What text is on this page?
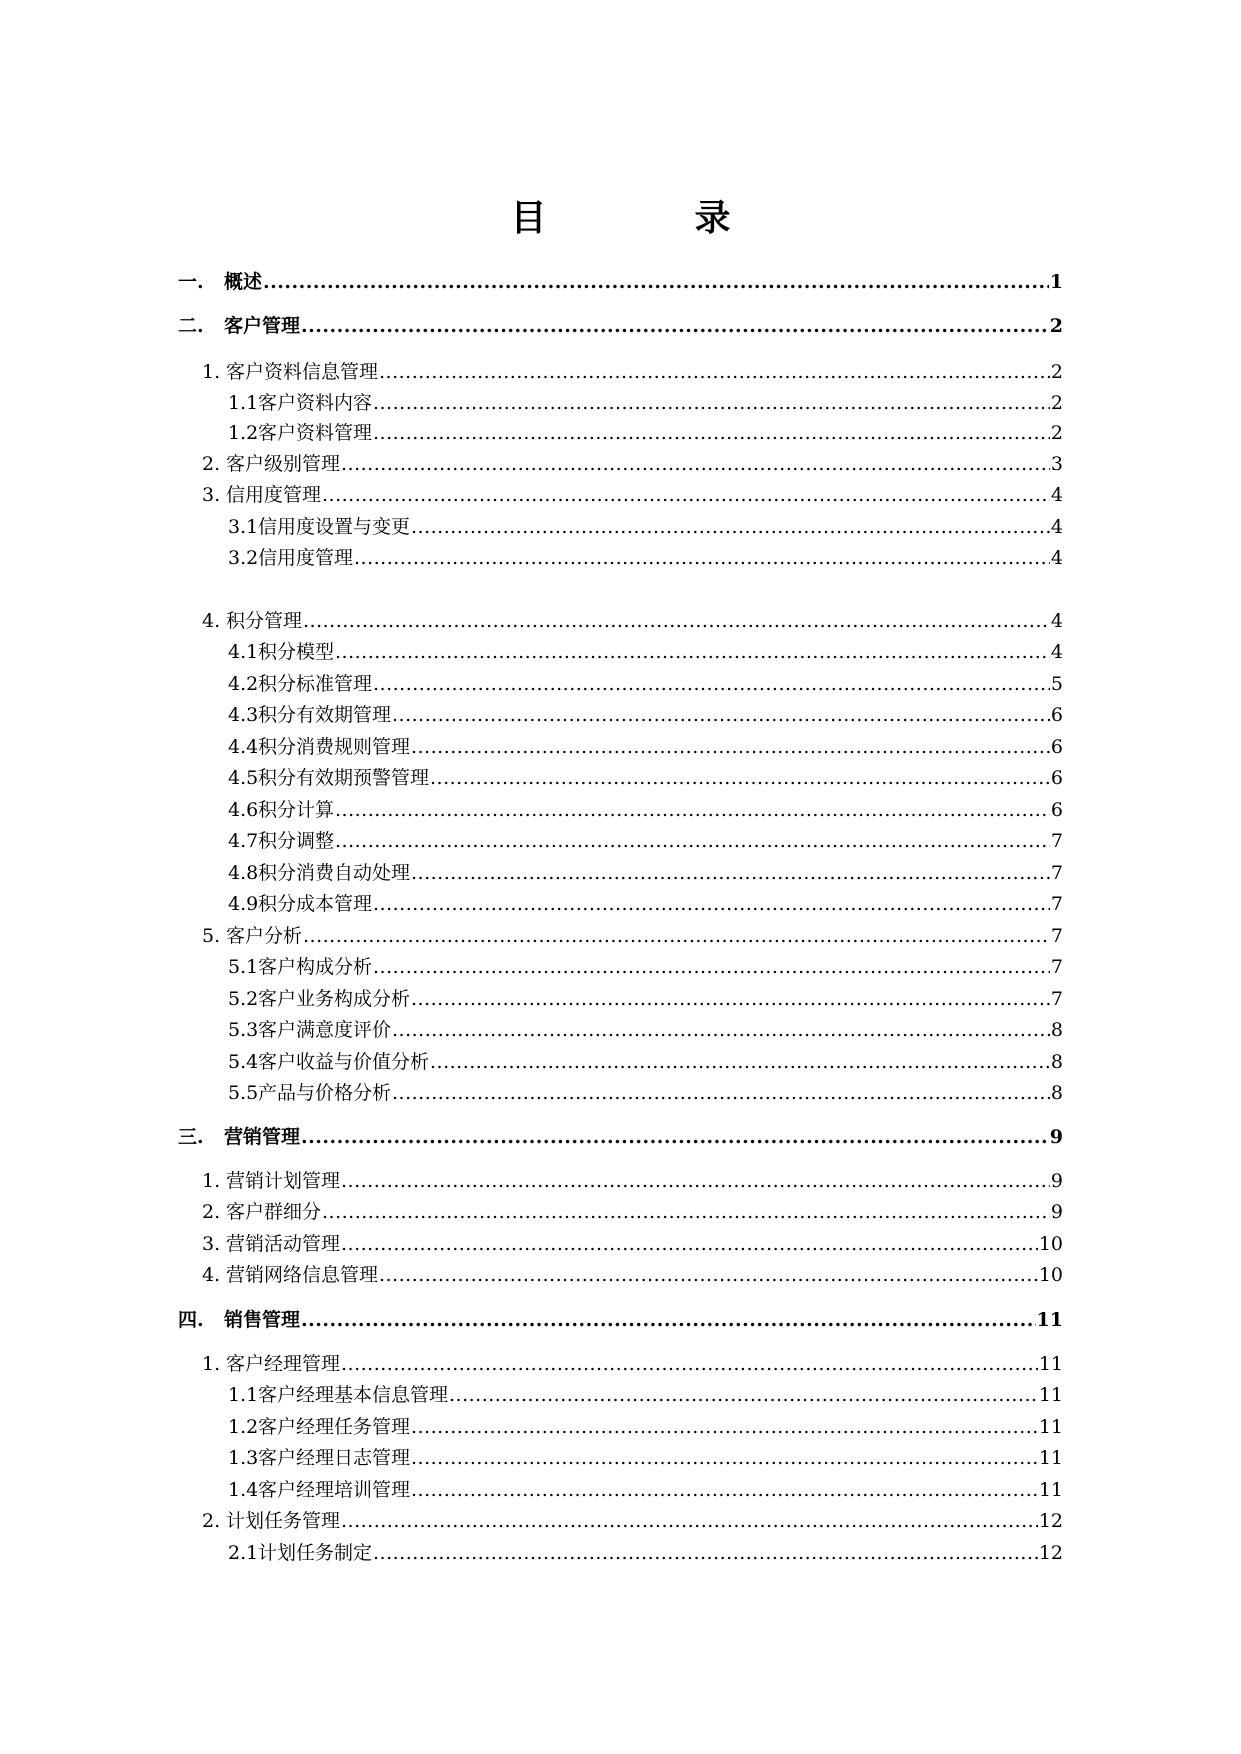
目　录
一.	概述 .....	1
二.	客户管理 .....	2
1. 客户资料信息管理 .....	2
1.1 客户资料内容 .....	2
1.2 客户资料管理 .....	2
2. 客户级别管理 .....	3
3. 信用度管理 .....	4
3.1 信用度设置与变更 .....	4
3.2 信用度管理 .....	4
4. 积分管理 .....	4
4.1 积分模型 .....	4
4.2 积分标准管理 .....	5
4.3 积分有效期管理 .....	6
4.4 积分消费规则管理 .....	6
4.5 积分有效期预警管理 .....	6
4.6 积分计算 .....	6
4.7 积分调整 .....	7
4.8 积分消费自动处理 .....	7
4.9 积分成本管理 .....	7
5. 客户分析 .....	7
5.1 客户构成分析 .....	7
5.2 客户业务构成分析 .....	7
5.3 客户满意度评价 .....	8
5.4 客户收益与价值分析 .....	8
5.5 产品与价格分析 .....	8
三.	营销管理 .....	9
1. 营销计划管理 .....	9
2. 客户群细分 .....	9
3. 营销活动管理 .....	10
4. 营销网络信息管理 .....	10
四.	销售管理 .....	11
1. 客户经理管理 .....	11
1.1 客户经理基本信息管理 .....	11
1.2 客户经理任务管理 .....	11
1.3 客户经理日志管理 .....	11
1.4 客户经理培训管理 .....	11
2. 计划任务管理 .....	12
2.1 计划任务制定 .....	12
